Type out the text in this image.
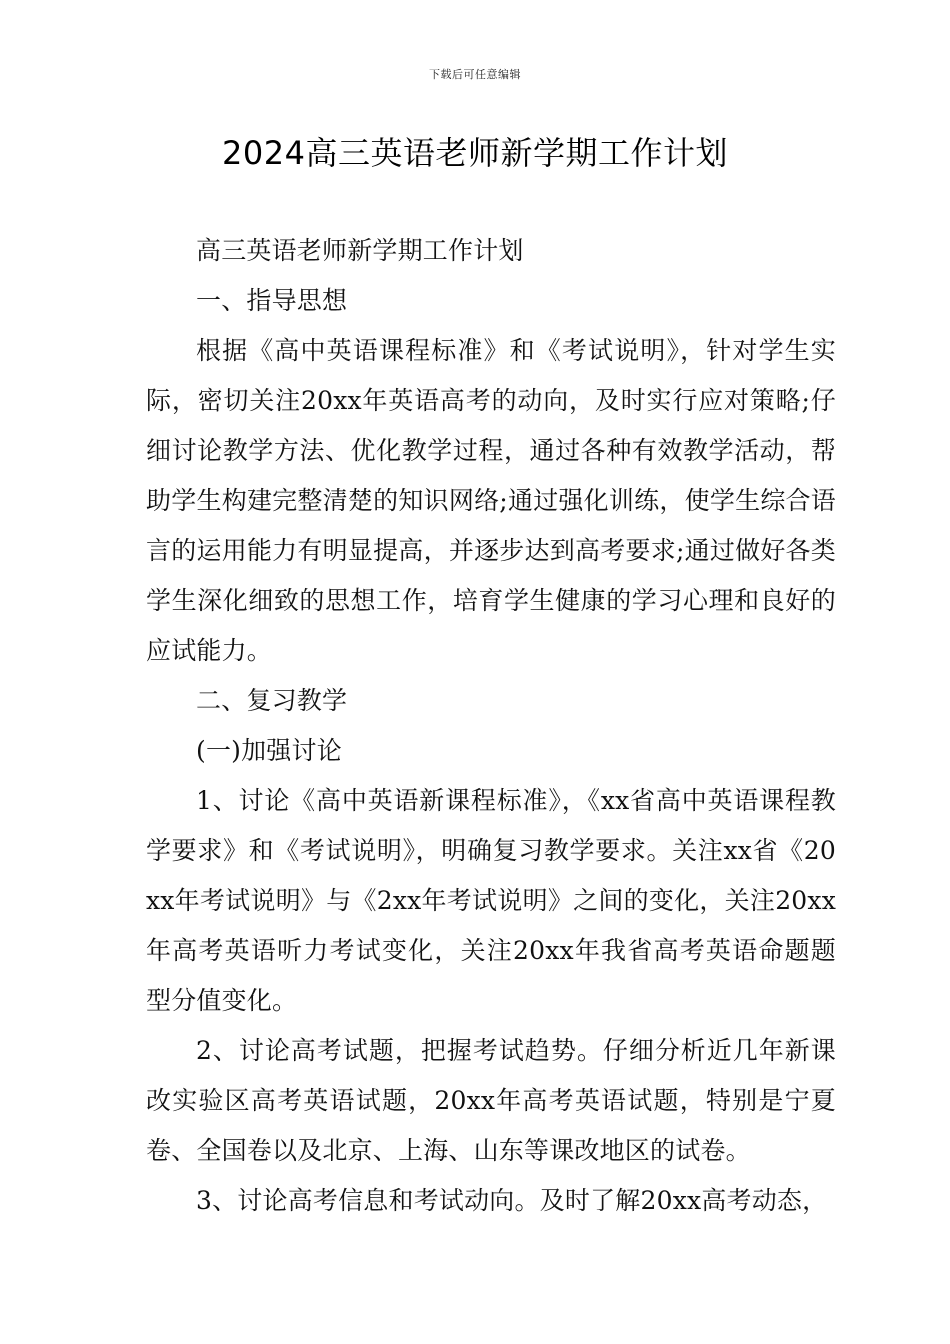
下载后可任意编辑
2024高三英语老师新学期工作计划

高三英语老师新学期工作计划

一、指导思想

根据《高中英语课程标准》和《考试说明》，针对学生实际，密切关注20xx年英语高考的动向，及时实行应对策略;仔细讨论教学方法、优化教学过程，通过各种有效教学活动，帮助学生构建完整清楚的知识网络;通过强化训练，使学生综合语言的运用能力有明显提高，并逐步达到高考要求;通过做好各类学生深化细致的思想工作，培育学生健康的学习心理和良好的应试能力。

二、复习教学

(一)加强讨论

1、讨论《高中英语新课程标准》，《xx省高中英语课程教学要求》和《考试说明》，明确复习教学要求。关注xx省《20xx年考试说明》与《2xx年考试说明》之间的变化，关注20xx年高考英语听力考试变化，关注20xx年我省高考英语命题题型分值变化。

2、讨论高考试题，把握考试趋势。仔细分析近几年新课改实验区高考英语试题，20xx年高考英语试题，特别是宁夏卷、全国卷以及北京、上海、山东等课改地区的试卷。

3、讨论高考信息和考试动向。及时了解20xx高考动态，
